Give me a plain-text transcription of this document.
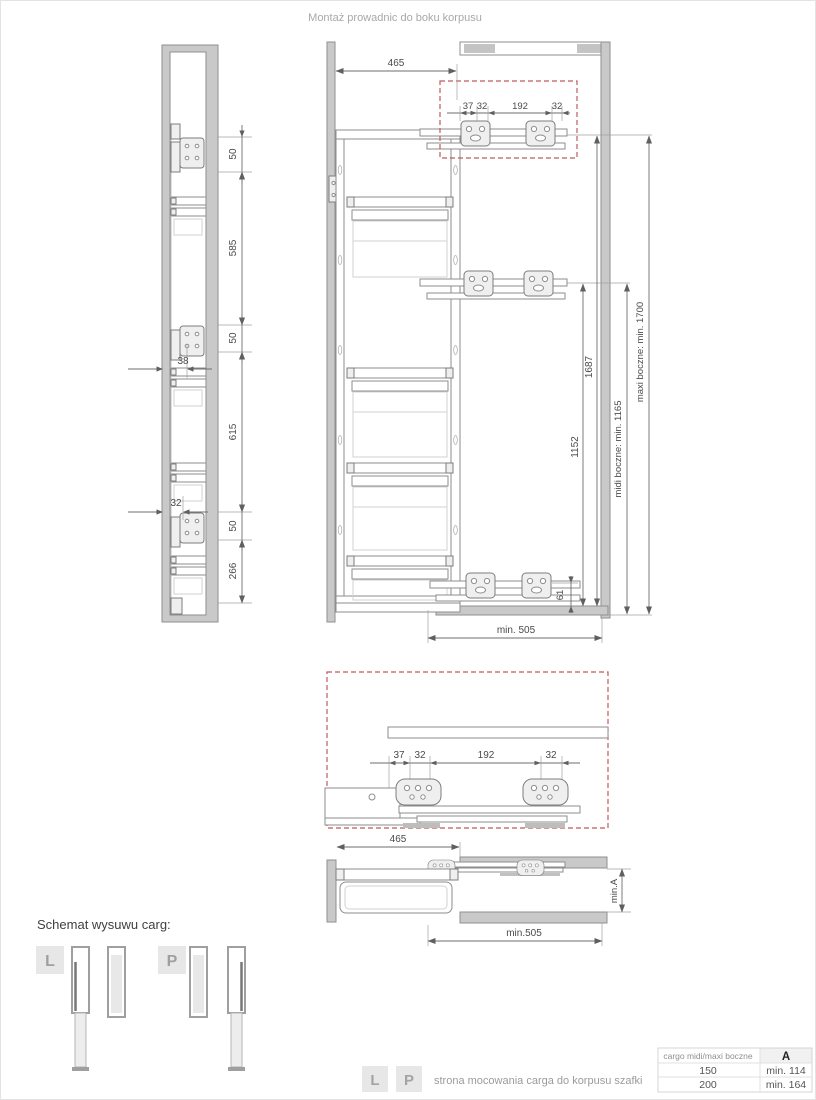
Montaż prowadnic do boku korpusu
50
585
50
615
50
266
38
32
465
37 32	192	32
61
1152
1687
midi boczne: min. 1165
maxi boczne: min. 1700
min. 505
37 32	192	32
465
min.A
min.505
Schemat wysuwu carg:
L	P
L P strona mocowania carga do korpusu szafki
cargo midi/maxi boczne	A
150	min. 114
200	min. 164
